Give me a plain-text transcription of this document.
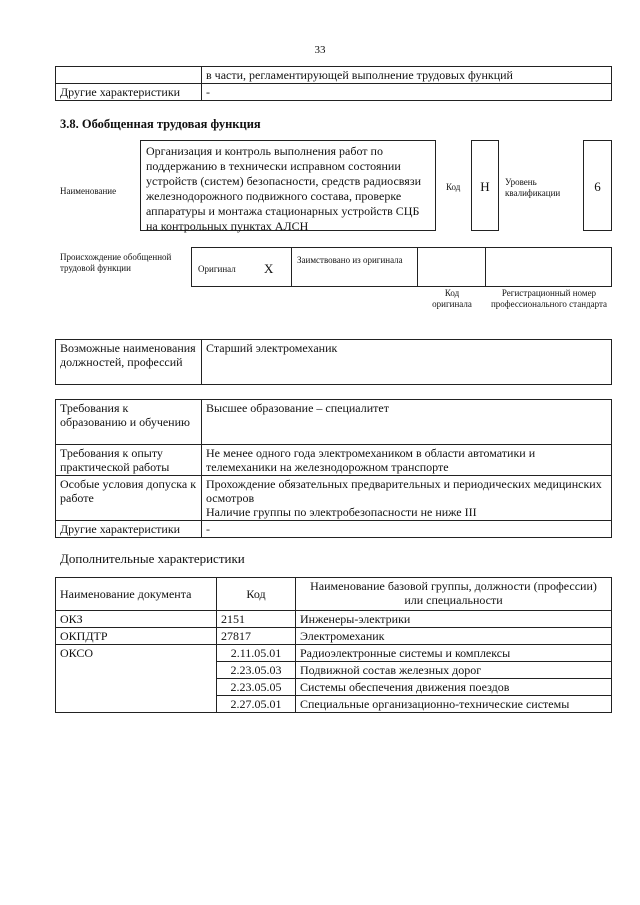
33
	в части, регламентирующей выполнение трудовых функций
Другие характеристики	-
3.8. Обобщенная трудовая функция
Наименование
Организация и контроль выполнения работ по поддержанию в технически исправном состоянии устройств (систем) безопасности, средств радиосвязи железнодорожного подвижного состава, проверке аппаратуры и монтажа стационарных устройств СЦБ на контрольных пунктах АЛСН
Код	H	Уровень квалификации	6
Происхождение обобщенной трудовой функции	Оригинал X
Заимствовано из оригинала
Код оригинала
Регистрационный номер профессионального стандарта
Возможные наименования должностей, профессий	Старший электромеханик
Требования к образованию и обучению	Высшее образование – специалитет
Требования к опыту практической работы	Не менее одного года электромехаником в области автоматики и телемеханики на железнодорожном транспорте
Особые условия допуска к работе	Прохождение обязательных предварительных и периодических медицинских осмотров
Наличие группы по электробезопасности не ниже III

Другие характеристики	-
Дополнительные характеристики
Наименование документа	Код	Наименование базовой группы, должности (профессии) или специальности
ОКЗ	2151	Инженеры-электрики
ОКПДТР	27817	Электромеханик
ОКСО	2.11.05.01	Радиоэлектронные системы и комплексы
	2.23.05.03	Подвижной состав железных дорог
	2.23.05.05	Системы обеспечения движения поездов
	2.27.05.01	Специальные организационно-технические системы
